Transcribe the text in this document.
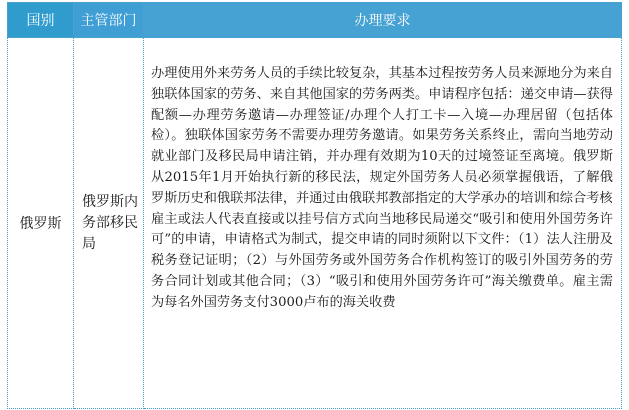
国别	主管部门	办理要求
俄罗斯	俄罗斯内务部移民局	办理使用外来劳务人员的手续比较复杂，其基本过程按劳务人员来源地分为来自独联体国家的劳务、来自其他国家的劳务两类。申请程序包括：递交申请—获得配额—办理劳务邀请—办理签证/办理个人打工卡—入境—办理居留（包括体检）。独联体国家劳务不需要办理劳务邀请。如果劳务关系终止，需向当地劳动就业部门及移民局申请注销，并办理有效期为10天的过境签证至离境。俄罗斯从2015年1月开始执行新的移民法，规定外国劳务人员必须掌握俄语，了解俄罗斯历史和俄联邦法律，并通过由俄联邦教部指定的大学承办的培训和综合考核

雇主或法人代表直接或以挂号信方式向当地移民局递交“吸引和使用外国劳务许可”的申请，申请格式为制式，提交申请的同时须附以下文件：（1）法人注册及税务登记证明；（2）与外国劳务或外国劳务合作机构签订的吸引外国劳务的劳务合同计划或其他合同；（3）“吸引和使用外国劳务许可”海关缴费单。雇主需为每名外国劳务支付3000卢布的海关收费
